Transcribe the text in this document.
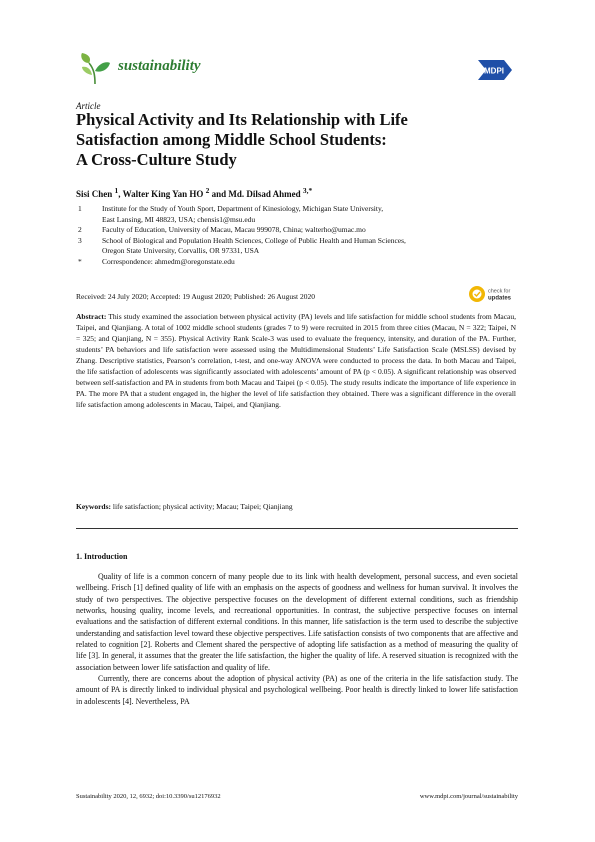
sustainability	MDPI
Article
Physical Activity and Its Relationship with Life
Satisfaction among Middle School Students:
A Cross-Culture Study
Sisi Chen $^1$, Walter King Yan HO $^2$ and Md. Dilsad Ahmed $^{3,*}$
1	Institute for the Study of Youth Sport, Department of Kinesiology, Michigan State University,
East Lansing, MI 48823, USA; chensis1@msu.edu
2	Faculty of Education, University of Macau, Macau 999078, China; walterho@umac.mo
3	School of Biological and Population Health Sciences, College of Public Health and Human Sciences,
Oregon State University, Corvallis, OR 97331, USA
*	Correspondence: ahmedm@oregonstate.edu
Received: 24 July 2020; Accepted: 19 August 2020; Published: 26 August 2020
check for
updates
Abstract: This study examined the association between physical activity (PA) levels and life satisfaction for middle school students from Macau, Taipei, and Qianjiang. A total of 1002 middle school students (grades 7 to 9) were recruited in 2015 from three cities (Macau, N = 322; Taipei, N = 325; and Qianjiang, N = 355). Physical Activity Rank Scale-3 was used to evaluate the frequency, intensity, and duration of the PA. Further, students’ PA behaviors and life satisfaction were assessed using the Multidimensional Students’ Life Satisfaction Scale (MSLSS) devised by Zhang. Descriptive statistics, Pearson’s correlation, t-test, and one-way ANOVA were conducted to process the data. In both Macau and Taipei, the life satisfaction of adolescents was significantly associated with adolescents’ amount of PA (p < 0.05). A significant relationship was observed between self-satisfaction and PA in students from both Macau and Taipei (p < 0.05). The study results indicate the importance of life experience in PA. The more PA that a student engaged in, the higher the level of life satisfaction they obtained. There was a significant difference in the overall life satisfaction among adolescents in Macau, Taipei, and Qianjiang.
Keywords: life satisfaction; physical activity; Macau; Taipei; Qianjiang
1. Introduction

Quality of life is a common concern of many people due to its link with health development, personal success, and even societal wellbeing. Frisch [1] defined quality of life with an emphasis on the aspects of goodness and wellness for human survival. It involves the study of two perspectives. The objective perspective focuses on the development of different external conditions, such as friendship networks, housing quality, income levels, and recreational opportunities. In contrast, the subjective perspective focuses on internal evaluations and the satisfaction of different external conditions. In this manner, life satisfaction is the term used to describe the subjective understanding and satisfaction level toward these objective perspectives. Life satisfaction consists of two components that are affective and related to cognition [2]. Roberts and Clement shared the perspective of adopting life satisfaction as a method of measuring the quality of life [3]. In general, it assumes that the greater the life satisfaction, the higher the quality of life. A reserved situation is recognized with the association between lower life satisfaction and quality of life.

Currently, there are concerns about the adoption of physical activity (PA) as one of the criteria in the life satisfaction study. The amount of PA is directly linked to individual physical and psychological wellbeing. Poor health is directly linked to lower life satisfaction in adolescents [4]. Nevertheless, PA

Sustainability 2020, 12, 6932; doi:10.3390/su12176932	www.mdpi.com/journal/sustainability
